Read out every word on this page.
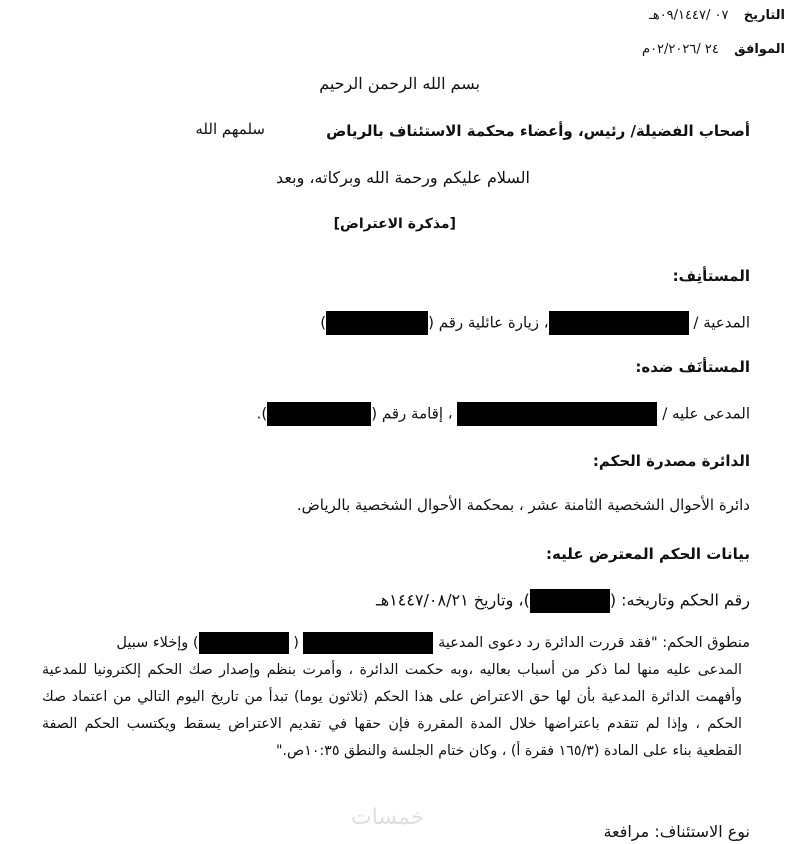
التاريخ   ٠٧ /٠٩/١٤٤٧هـ
الموافق   ٢٤ /٠٢/٢٠٢٦م
بسم الله الرحمن الرحيم
أصحاب الفضيلة/ رئيس، وأعضاء محكمة الاستئناف بالرياض
سلمهم الله
السلام عليكم ورحمة الله وبركاته، وبعد
[مذكرة الاعتراض]
المستأنِف:
المدعية / ، زيارة عائلية رقم ()
المستأنَف ضده:
المدعى عليه /  ، إقامة رقم ().
الدائرة مصدرة الحكم:
دائرة الأحوال الشخصية الثامنة عشر ، بمحكمة الأحوال الشخصية بالرياض.
بيانات الحكم المعترض عليه:
رقم الحكم وتاريخه: ()، وتاريخ ١٤٤٧/٠٨/٢١هـ
منطوق الحكم: "فقد قررت الدائرة رد دعوى المدعية  ( ) وإخلاء سبيل
المدعى عليه منها لما ذكر من أسباب بعاليه ،وبه حكمت الدائرة ، وأمرت بنظم وإصدار صك الحكم إلكترونيا للمدعية وأفهمت الدائرة المدعية بأن لها حق الاعتراض على هذا الحكم (ثلاثون يوما) تبدأ من تاريخ اليوم التالي من اعتماد صك الحكم ، وإذا لم تتقدم باعتراضها خلال المدة المقررة فإن حقها في تقديم الاعتراض يسقط ويكتسب الحكم الصفة القطعية بناء على المادة (١٦٥/٣ فقرة أ) ، وكان ختام الجلسة والنطق ١٠:٣٥ص."
خمسات
نوع الاستئناف: مرافعة
